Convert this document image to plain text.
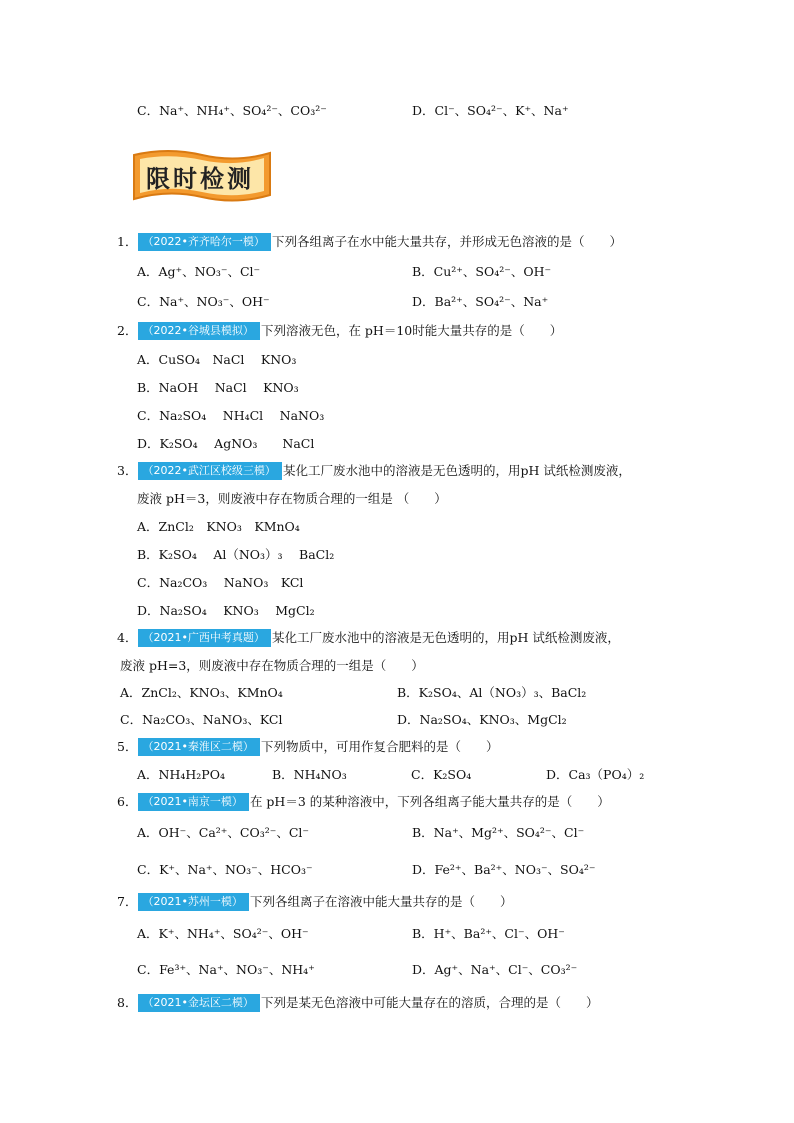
C．Na⁺、NH₄⁺、SO₄²⁻、CO₃²⁻	D．Cl⁻、SO₄²⁻、K⁺、Na⁺
限时检测
1． （2022•齐齐哈尔一模） 下列各组离子在水中能大量共存，并形成无色溶液的是（　　）
A．Ag⁺、NO₃⁻、Cl⁻	B．Cu²⁺、SO₄²⁻、OH⁻
C．Na⁺、NO₃⁻、OH⁻	D．Ba²⁺、SO₄²⁻、Na⁺
2． （2022•谷城县模拟） 下列溶液无色，在 pH＝10时能大量共存的是（　　）
A．CuSO₄　NaCl　 KNO₃
B．NaOH　 NaCl　 KNO₃
C．Na₂SO₄　 NH₄Cl　 NaNO₃
D．K₂SO₄　 AgNO₃　　NaCl
3． （2022•武江区校级三模） 某化工厂废水池中的溶液是无色透明的，用pH 试纸检测废液，
废液 pH＝3，则废液中存在物质合理的一组是 （　　）
A．ZnCl₂　KNO₃　KMnO₄
B．K₂SO₄　 Al（NO₃）₃　 BaCl₂
C．Na₂CO₃　 NaNO₃　KCl
D．Na₂SO₄　 KNO₃　 MgCl₂
4． （2021•广西中考真题） 某化工厂废水池中的溶液是无色透明的，用pH 试纸检测废液，
废液 pH=3，则废液中存在物质合理的一组是（　　）
A．ZnCl₂、KNO₃、KMnO₄	B．K₂SO₄、Al（NO₃）₃、BaCl₂
C．Na₂CO₃、NaNO₃、KCl	D．Na₂SO₄、KNO₃、MgCl₂
5． （2021•秦淮区二模） 下列物质中，可用作复合肥料的是（　　）
A．NH₄H₂PO₄	B．NH₄NO₃	C．K₂SO₄	D．Ca₃（PO₄）₂
6． （2021•南京一模） 在 pH＝3 的某种溶液中，下列各组离子能大量共存的是（　　）
A．OH⁻、Ca²⁺、CO₃²⁻、Cl⁻	B．Na⁺、Mg²⁺、SO₄²⁻、Cl⁻
C．K⁺、Na⁺、NO₃⁻、HCO₃⁻	D．Fe²⁺、Ba²⁺、NO₃⁻、SO₄²⁻
7． （2021•苏州一模） 下列各组离子在溶液中能大量共存的是（　　）
A．K⁺、NH₄⁺、SO₄²⁻、OH⁻	B．H⁺、Ba²⁺、Cl⁻、OH⁻
C．Fe³⁺、Na⁺、NO₃⁻、NH₄⁺	D．Ag⁺、Na⁺、Cl⁻、CO₃²⁻
8． （2021•金坛区二模） 下列是某无色溶液中可能大量存在的溶质，合理的是（　　）
